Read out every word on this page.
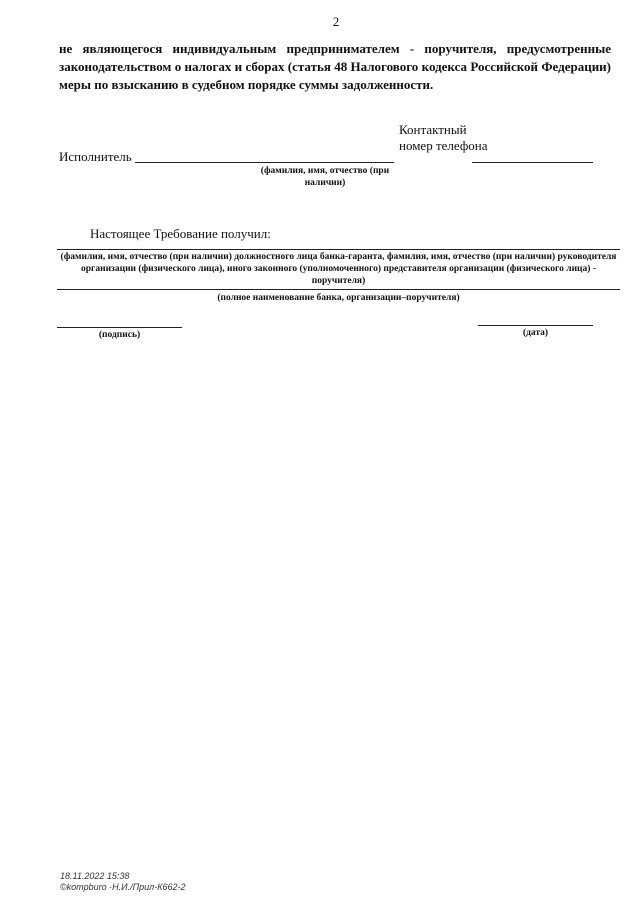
2
не являющегося индивидуальным предпринимателем - поручителя, предусмотренные законодательством о налогах и сборах (статья 48 Налогового кодекса Российской Федерации) меры по взысканию в судебном порядке суммы задолженности.
Исполнитель
(фамилия, имя, отчество (при наличии)
Контактный номер телефона
Настоящее Требование получил:
(фамилия, имя, отчество (при наличии) должностного лица банка-гаранта, фамилия, имя, отчество (при наличии) руководителя организации (физического лица), иного законного (уполномоченного) представителя организации (физического лица) - поручителя)
(полное наименование банка, организации–поручителя)
(подпись)	(дата)
18.11.2022 15:38
©kompburo ·Н.И./Прил-К662-2
